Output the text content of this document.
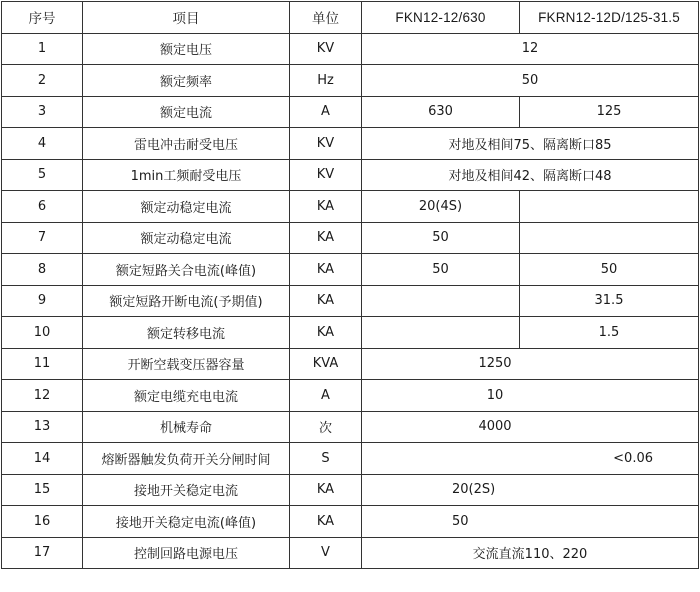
序号	项目	单位	FKN12-12/630	FKRN12-12D/125-31.5
1	额定电压	KV	12	
2	额定频率	Hz	50	
3	额定电流	A	630	125
4	雷电冲击耐受电压	KV	对地及相间75、隔离断口85	
5	1min工频耐受电压	KV	对地及相间42、隔离断口48	
6	额定动稳定电流	KA	20(4S)	
7	额定动稳定电流	KA	50	
8	额定短路关合电流(峰值)	KA	50	50
9	额定短路开断电流(予期值)	KA		31.5
10	额定转移电流	KA		1.5
11	开断空载变压器容量	KVA	1250	
12	额定电缆充电电流	A	10	
13	机械寿命	次	4000	
14	熔断器触发负荷开关分闸时间	S	<0.06	
15	接地开关稳定电流	KA	20(2S)	
16	接地开关稳定电流(峰值)	KA	50	
17	控制回路电源电压	V	交流直流110、220	
